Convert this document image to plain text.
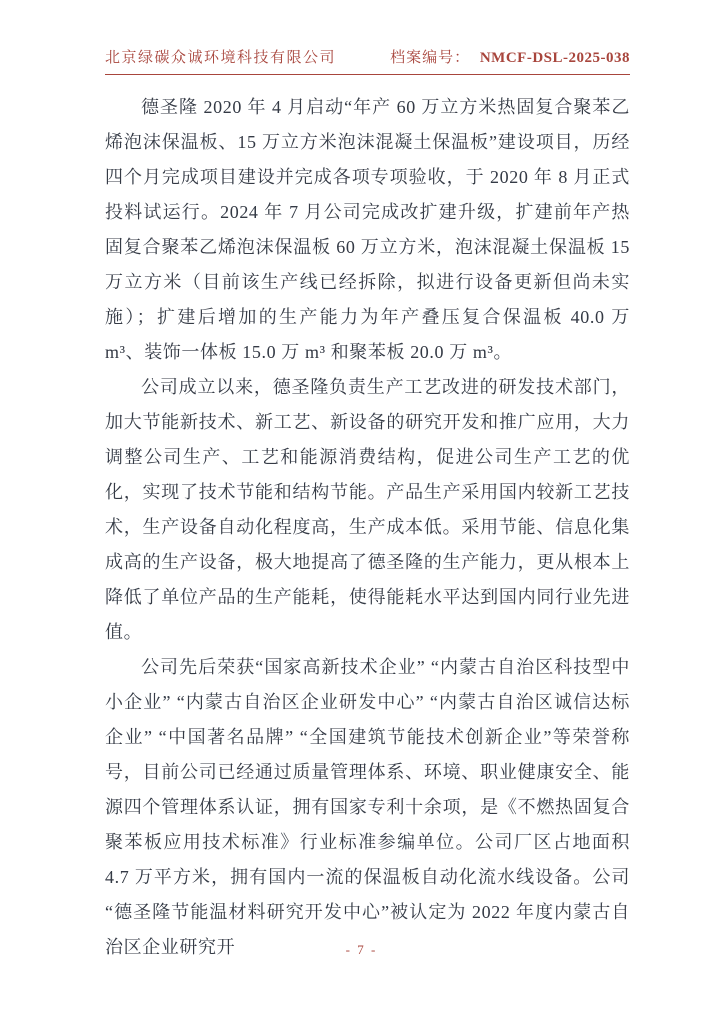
北京绿碳众诚环境科技有限公司	档案编号： NMCF-DSL-2025-038

德圣隆 2020 年 4 月启动“年产 60 万立方米热固复合聚苯乙烯泡沫保温板、15 万立方米泡沫混凝土保温板”建设项目，历经四个月完成项目建设并完成各项专项验收，于 2020 年 8 月正式投料试运行。2024 年 7 月公司完成改扩建升级，扩建前年产热固复合聚苯乙烯泡沫保温板 60 万立方米，泡沫混凝土保温板 15 万立方米（目前该生产线已经拆除，拟进行设备更新但尚未实施）；扩建后增加的生产能力为年产叠压复合保温板 40.0 万 m³、装饰一体板 15.0 万 m³ 和聚苯板 20.0 万 m³。

公司成立以来，德圣隆负责生产工艺改进的研发技术部门，加大节能新技术、新工艺、新设备的研究开发和推广应用，大力调整公司生产、工艺和能源消费结构，促进公司生产工艺的优化，实现了技术节能和结构节能。产品生产采用国内较新工艺技术，生产设备自动化程度高，生产成本低。采用节能、信息化集成高的生产设备，极大地提高了德圣隆的生产能力，更从根本上降低了单位产品的生产能耗，使得能耗水平达到国内同行业先进值。

公司先后荣获“国家高新技术企业” “内蒙古自治区科技型中小企业” “内蒙古自治区企业研发中心” “内蒙古自治区诚信达标企业” “中国著名品牌” “全国建筑节能技术创新企业”等荣誉称号，目前公司已经通过质量管理体系、环境、职业健康安全、能源四个管理体系认证，拥有国家专利十余项，是《不燃热固复合聚苯板应用技术标准》行业标准参编单位。公司厂区占地面积 4.7 万平方米，拥有国内一流的保温板自动化流水线设备。公司“德圣隆节能温材料研究开发中心”被认定为 2022 年度内蒙古自治区企业研究开	- 7 -
